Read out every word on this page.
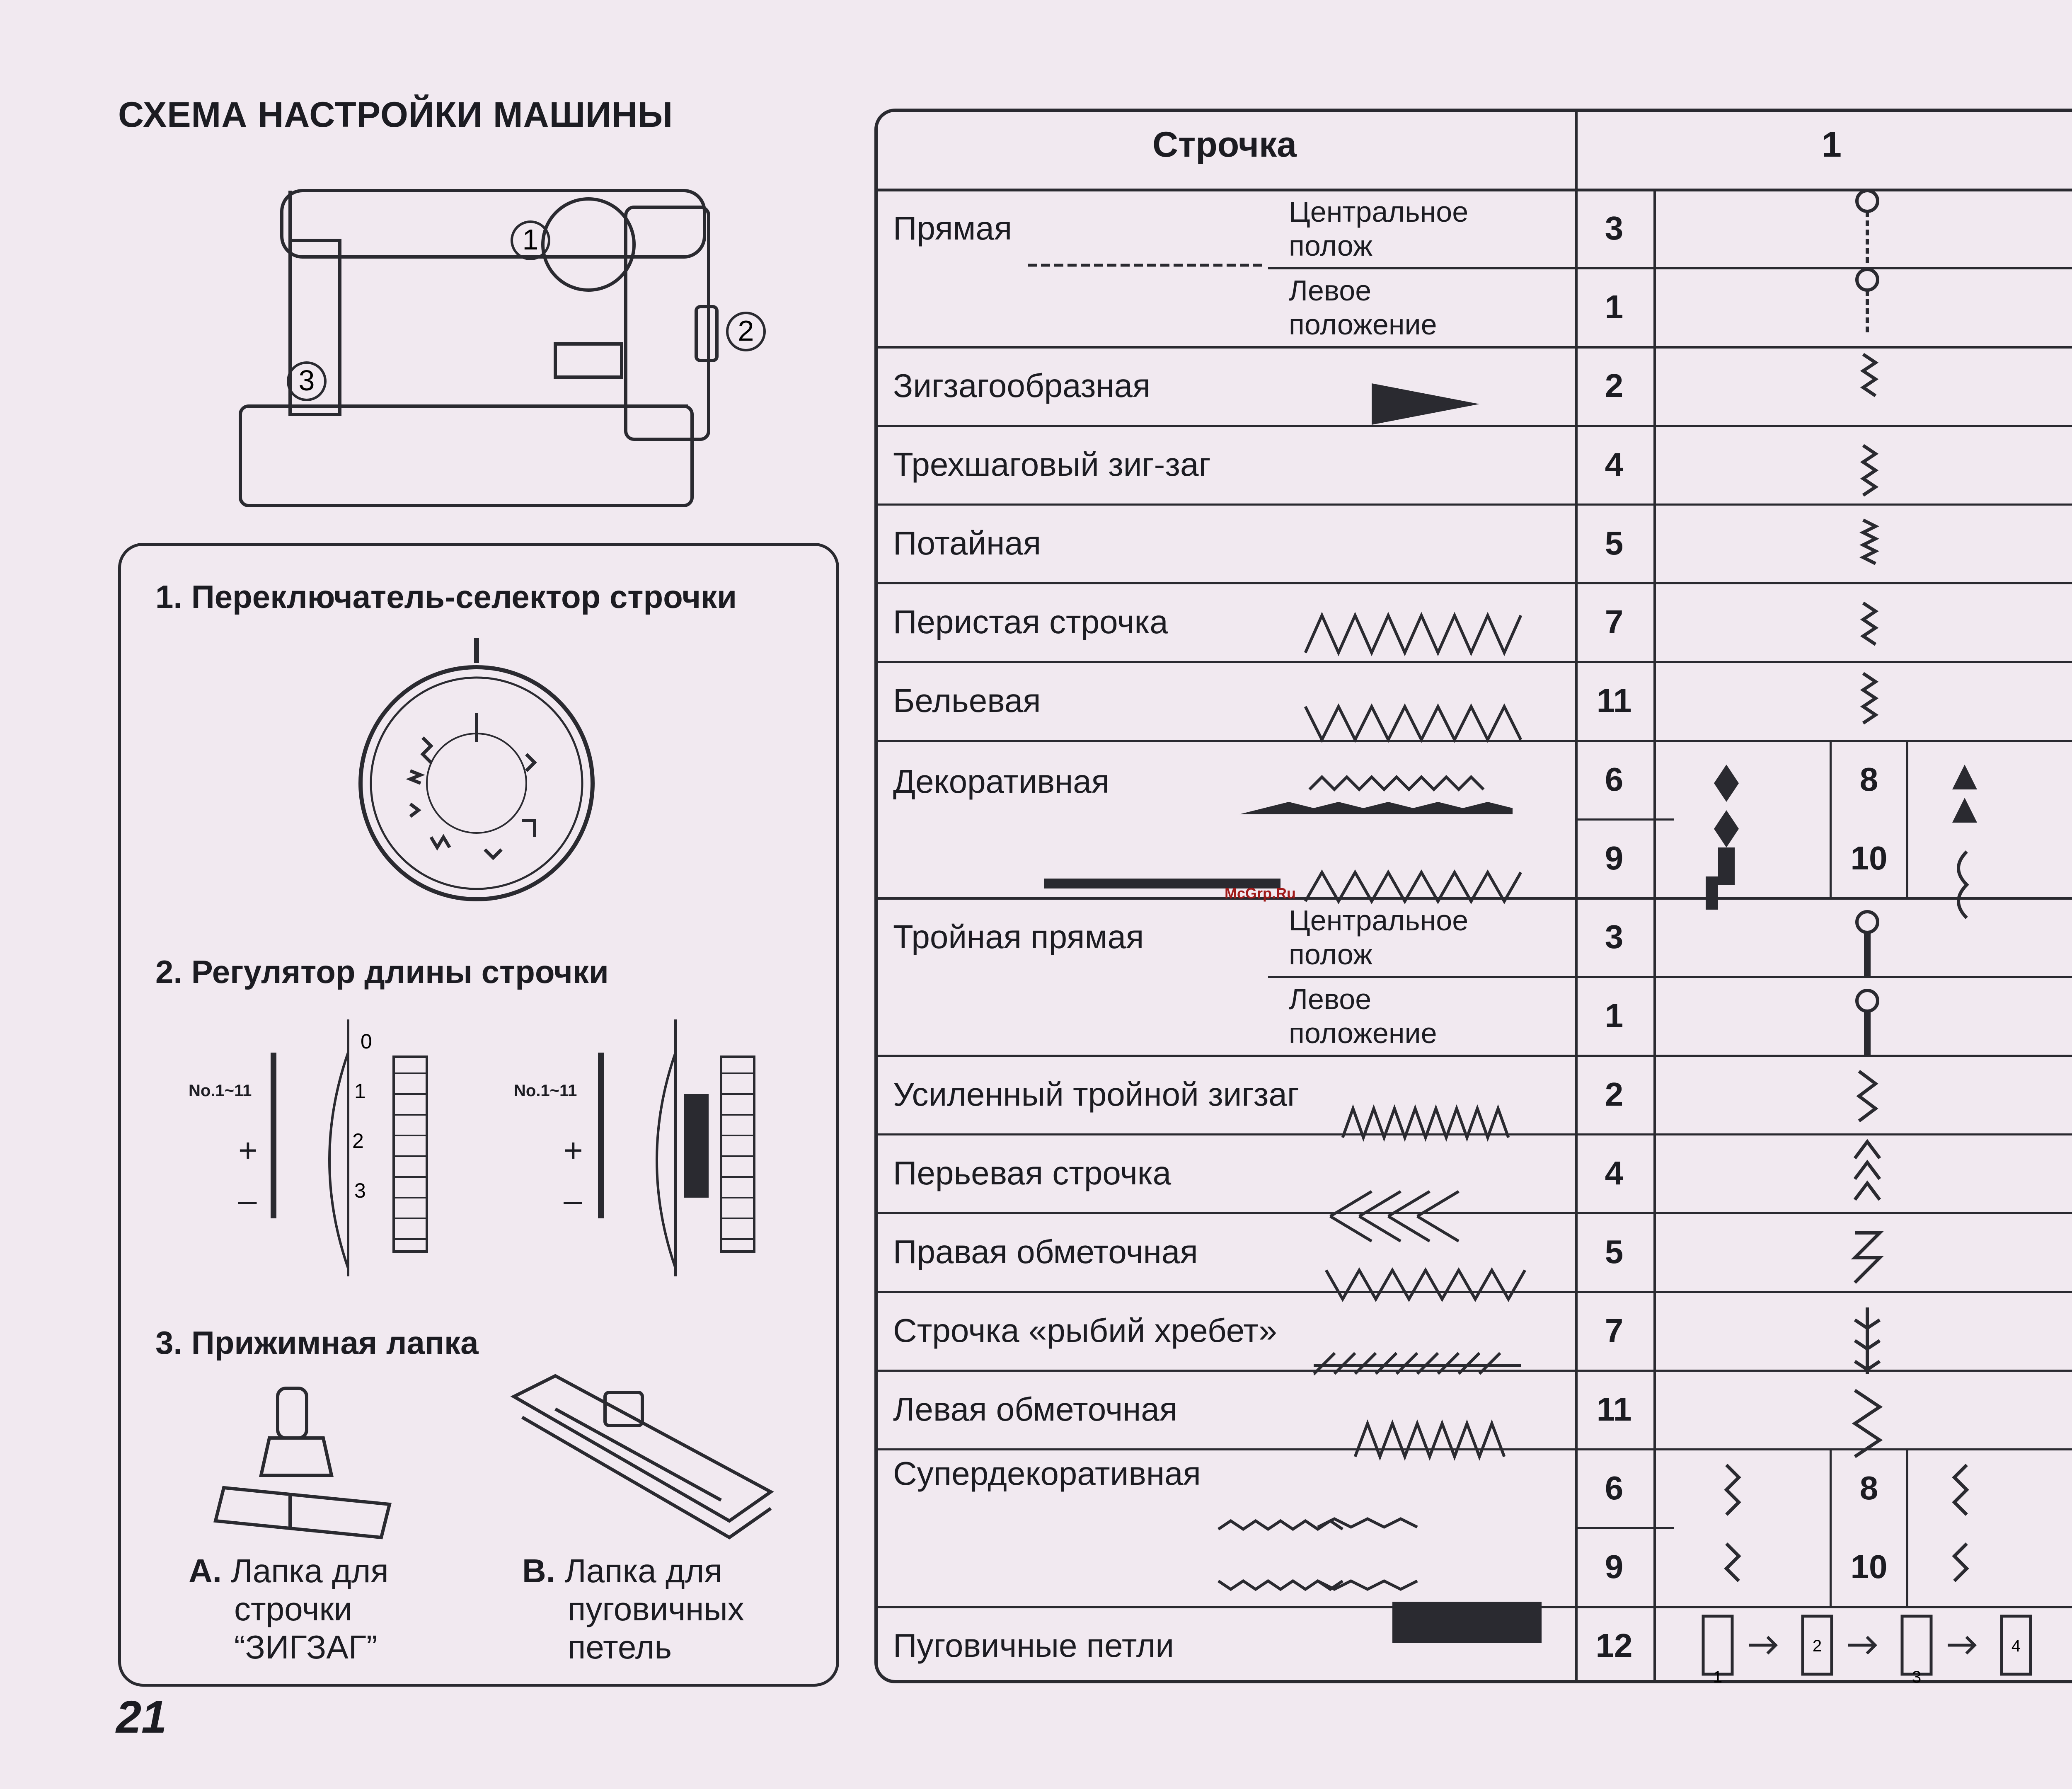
СХЕМА НАСТРОЙКИ МАШИНЫ
1
2
3
1. Переключатель-селектор строчки
2. Регулятор длины строчки
No.1~11
+
–
0
1
2
3
No.1~11
+
–
3. Прижимная лапка
А. Лапка для
строчки
“ЗИГЗАГ”
В. Лапка для
пуговичных
петель
21
Строчка	1
Прямая
Зигзагообразная
Трехшаговый зиг-заг
Потайная
Перистая строчка
Бельевая
Декоративная
Тройная прямая
Усиленный тройной зигзаг
Перьевая строчка
Правая обметочная
Строчка «рыбий хребет»
Левая обметочная
Супердекоративная
Пуговичные петли
Центральное полож
Левое положение
Центральное полож
Левое положение
3
1
2
4
5
7
11
6
9
3
1
2
4
5
7
11
6
9
12
8
10
8
10
1
2
3
4
McGrp.Ru
